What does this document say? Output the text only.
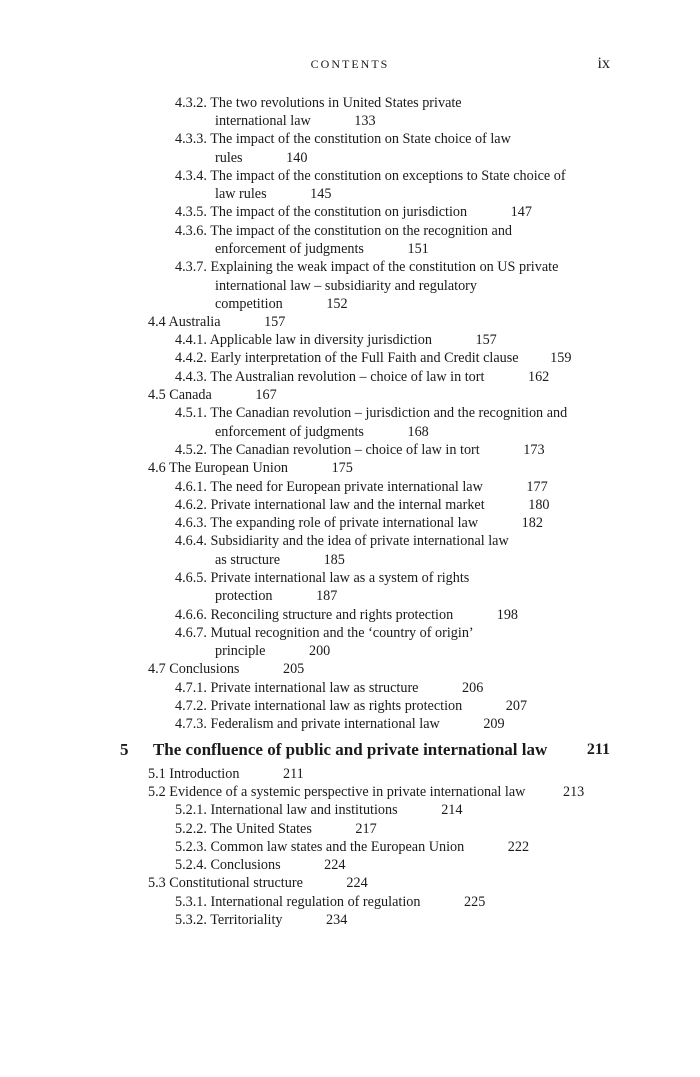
CONTENTS	ix
4.3.2. The two revolutions in United States private
international law	133
4.3.3. The impact of the constitution on State choice of law
rules	140
4.3.4. The impact of the constitution on exceptions to State choice of
law rules	145
4.3.5. The impact of the constitution on jurisdiction	147
4.3.6. The impact of the constitution on the recognition and
enforcement of judgments	151
4.3.7. Explaining the weak impact of the constitution on US private
international law – subsidiarity and regulatory
competition	152
4.4 Australia	157
4.4.1. Applicable law in diversity jurisdiction	157
4.4.2. Early interpretation of the Full Faith and Credit clause 159
4.4.3. The Australian revolution – choice of law in tort	162
4.5 Canada	167
4.5.1. The Canadian revolution – jurisdiction and the recognition and
enforcement of judgments	168
4.5.2. The Canadian revolution – choice of law in tort	173
4.6 The European Union	175
4.6.1. The need for European private international law	177
4.6.2. Private international law and the internal market	180
4.6.3. The expanding role of private international law	182
4.6.4. Subsidiarity and the idea of private international law
as structure	185
4.6.5. Private international law as a system of rights
protection	187
4.6.6. Reconciling structure and rights protection	198
4.6.7. Mutual recognition and the ‘country of origin’
principle	200
4.7 Conclusions	205
4.7.1. Private international law as structure	206
4.7.2. Private international law as rights protection	207
4.7.3. Federalism and private international law	209
5 The confluence of public and private international law 211
5.1 Introduction	211
5.2 Evidence of a systemic perspective in private international law	213
5.2.1. International law and institutions	214
5.2.2. The United States	217
5.2.3. Common law states and the European Union	222
5.2.4. Conclusions	224
5.3 Constitutional structure	224
5.3.1. International regulation of regulation	225
5.3.2. Territoriality	234
